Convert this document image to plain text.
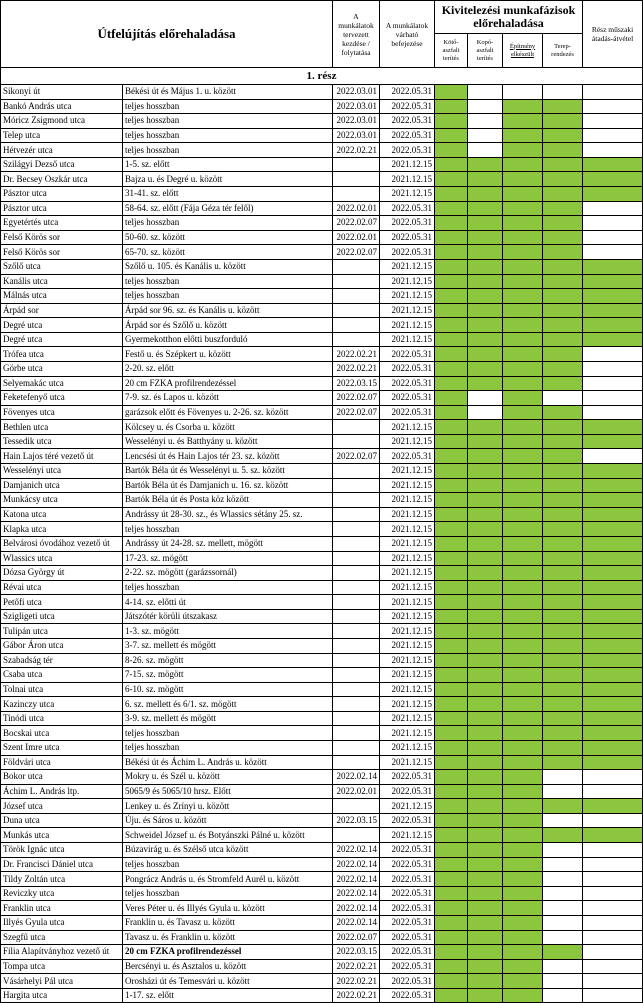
Útfelújítás előrehaladása		A munkálatok tervezett kezdése / folytatása	A munkálatok várható befejezése	Kivitelezési munkafázisok előrehaladása				Rész műszaki átadás-átvétel
				Kötő-aszfalt terítés	Kopó-aszfalt terítés	Építmény elkészült	Terep-rendezés	
1. rész								
Sikonyi út	Békési út és Május 1. u. között	2022.03.01	2022.05.31					
Bankó András utca	teljes hosszban	2022.03.01	2022.05.31					
Móricz Zsigmond utca	teljes hosszban	2022.03.01	2022.05.31					
Telep utca	teljes hosszban	2022.03.01	2022.05.31					
Hétvezér utca	teljes hosszban	2022.02.21	2022.05.31					
Szilágyi Dezső utca	1-5. sz. előtt		2021.12.15					
Dr. Becsey Oszkár utca	Bajza u. és Degré u. között		2021.12.15					
Pásztor utca	31-41. sz. előtt		2021.12.15					
Pásztor utca	58-64. sz. előtt (Fája Géza tér felől)	2022.02.01	2022.05.31					
Egyetértés utca	teljes hosszban	2022.02.07	2022.05.31					
Felső Körös sor	50-60. sz. között	2022.02.01	2022.05.31					
Felső Körös sor	65-70. sz. között	2022.02.07	2022.05.31					
Szőlő utca	Szőlő u. 105. és Kanális u. között		2021.12.15					
Kanális utca	teljes hosszban		2021.12.15					
Málnás utca	teljes hosszban		2021.12.15					
Árpád sor	Árpád sor 96. sz. és Kanális u. között		2021.12.15					
Degré utca	Árpád sor és Szőlő u. között		2021.12.15					
Degré utca	Gyermekotthon előtti buszforduló		2021.12.15					
Trófea utca	Festő u. és Szépkert u. között	2022.02.21	2022.05.31					
Görbe utca	2-20. sz. előtt	2022.02.21	2022.05.31					
Selyemakác utca	20 cm FZKA profilrendezéssel	2022.03.15	2022.05.31					
Feketefenyő utca	7-9. sz. és Lapos u. között	2022.02.07	2022.05.31					
Fövenyes utca	garázsok előtt és Fövenyes u. 2-26. sz. között	2022.02.07	2022.05.31					
Bethlen utca	Kölcsey u. és Csorba u. között		2021.12.15					
Tessedik utca	Wesselényi u. és Batthyány u. között		2021.12.15					
Hain Lajos téré vezető út	Lencsési út és Hain Lajos tér 23. sz. között	2022.02.07	2022.05.31					
Wesselényi utca	Bartók Béla út és Wesselényi u. 5. sz. között		2021.12.15					
Damjanich utca	Bartók Béla út és Damjanich u. 16. sz. között		2021.12.15					
Munkácsy utca	Bartók Béla út és Posta köz között		2021.12.15					
Katona utca	Andrássy út 28-30. sz., és Wlassics sétány 25. sz.		2021.12.15					
Klapka utca	teljes hosszban		2021.12.15					
Belvárosi óvodához vezető út	Andrássy út 24-28. sz. mellett, mögött		2021.12.15					
Wlassics utca	17-23. sz. mögött		2021.12.15					
Dózsa György út	2-22. sz. mögött (garázssornál)		2021.12.15					
Révai utca	teljes hosszban		2021.12.15					
Petőfi utca	4-14. sz. előtti út		2021.12.15					
Szigligeti utca	Játszótér körüli útszakasz		2021.12.15					
Tulipán utca	1-3. sz. mögött		2021.12.15					
Gábor Áron utca	3-7. sz. mellett és mögött		2021.12.15					
Szabadság tér	8-26. sz. mögött		2021.12.15					
Csaba utca	7-15. sz. mögött		2021.12.15					
Tolnai utca	6-10. sz. mögött		2021.12.15					
Kazinczy utca	6. sz. mellett és 6/1. sz. mögött		2021.12.15					
Tinódi utca	3-9. sz. mellett és mögött		2021.12.15					
Bocskai utca	teljes hosszban		2021.12.15					
Szent Imre utca	teljes hosszban		2021.12.15					
Földvári utca	Békési út és Áchim L. András u. között		2021.12.15					
Bokor utca	Mokry u. és Szél u. között	2022.02.14	2022.05.31					
Áchim L. András ltp.	5065/9 és 5065/10 hrsz. Előtt	2022.02.01	2022.05.31					
József utca	Lenkey u. és Zrínyi u. között		2021.12.15					
Duna utca	Úju. és Sáros u. között	2022.03.15	2022.05.31					
Munkás utca	Schweidel József u. és Botyánszki Pálné u. között		2021.12.15					
Török Ignác utca	Búzavirág u. és Szélső utca között	2022.02.14	2022.05.31					
Dr. Francisci Dániel utca	teljes hosszban	2022.02.14	2022.05.31					
Tildy Zoltán utca	Pongrácz András u. és Stromfeld Aurél u. között	2022.02.14	2022.05.31					
Reviczky utca	teljes hosszban	2022.02.14	2022.05.31					
Franklin utca	Veres Péter u. és Illyés Gyula u. között	2022.02.14	2022.05.31					
Illyés Gyula utca	Franklin u. és Tavasz u. között	2022.02.14	2022.05.31					
Szegfű utca	Tavasz u. és Franklin u. között	2022.02.07	2022.05.31					
Fília Alapítványhoz vezető út	20 cm FZKA profilrendezéssel	2022.03.15	2022.05.31					
Tompa utca	Bercsényi u. és Asztalos u. között	2022.02.21	2022.05.31					
Vásárhelyi Pál utca	Orosházi út és Temesvári u. között	2022.02.21	2022.05.31					
Hargita utca	1-17. sz. előtt	2022.02.21	2022.05.31					
